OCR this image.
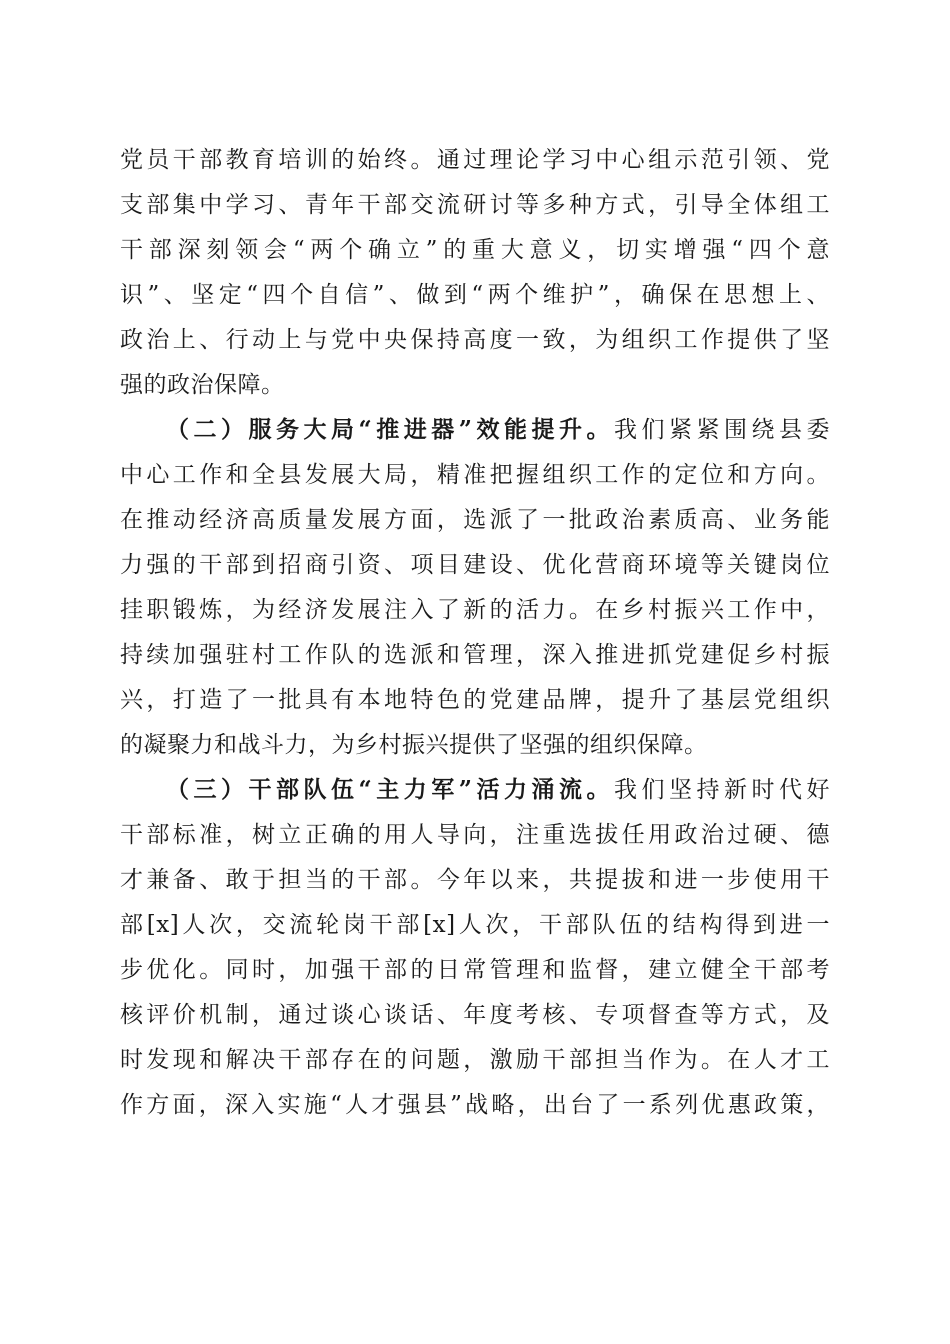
党员干部教育培训的始终。通过理论学习中心组示范引领、党
支部集中学习、青年干部交流研讨等多种方式，引导全体组工
干部深刻领会“两个确立”的重大意义，切实增强“四个意
识”、坚定“四个自信”、做到“两个维护”，确保在思想上、
政治上、行动上与党中央保持高度一致，为组织工作提供了坚
强的政治保障。
（二）服务大局“推进器”效能提升。我们紧紧围绕县委
中心工作和全县发展大局，精准把握组织工作的定位和方向。
在推动经济高质量发展方面，选派了一批政治素质高、业务能
力强的干部到招商引资、项目建设、优化营商环境等关键岗位
挂职锻炼，为经济发展注入了新的活力。在乡村振兴工作中，
持续加强驻村工作队的选派和管理，深入推进抓党建促乡村振
兴，打造了一批具有本地特色的党建品牌，提升了基层党组织
的凝聚力和战斗力，为乡村振兴提供了坚强的组织保障。
（三）干部队伍“主力军”活力涌流。我们坚持新时代好
干部标准，树立正确的用人导向，注重选拔任用政治过硬、德
才兼备、敢于担当的干部。今年以来，共提拔和进一步使用干
部[x]人次，交流轮岗干部[x]人次，干部队伍的结构得到进一
步优化。同时，加强干部的日常管理和监督，建立健全干部考
核评价机制，通过谈心谈话、年度考核、专项督查等方式，及
时发现和解决干部存在的问题，激励干部担当作为。在人才工
作方面，深入实施“人才强县”战略，出台了一系列优惠政策，
